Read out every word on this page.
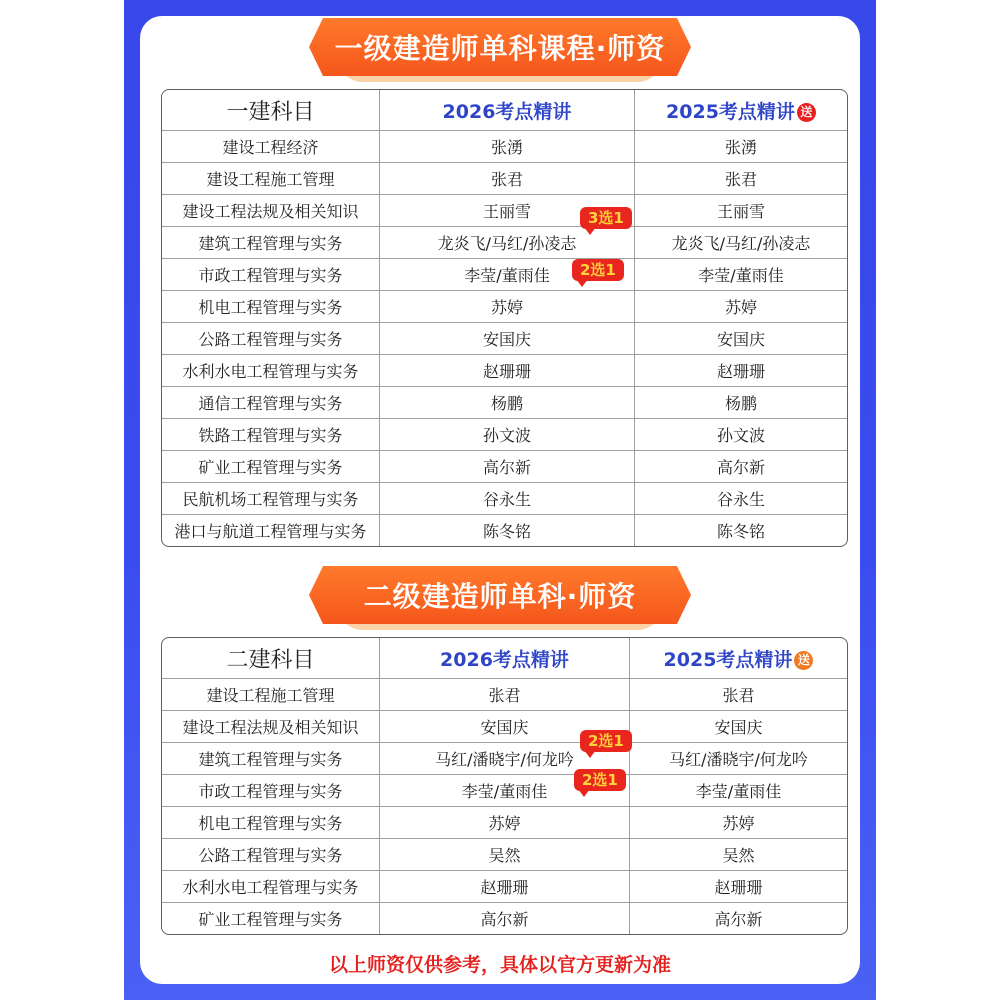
一级建造师单科课程·师资
一建科目	2026考点精讲	2025考点精讲 送
建设工程经济	张湧	张湧
建设工程施工管理	张君	张君
建设工程法规及相关知识	王丽雪	王丽雪
建筑工程管理与实务	龙炎飞/马红/孙凌志	龙炎飞/马红/孙凌志
市政工程管理与实务	李莹/董雨佳	李莹/董雨佳
机电工程管理与实务	苏婷	苏婷
公路工程管理与实务	安国庆	安国庆
水利水电工程管理与实务	赵珊珊	赵珊珊
通信工程管理与实务	杨鹏	杨鹏
铁路工程管理与实务	孙文波	孙文波
矿业工程管理与实务	高尔新	高尔新
民航机场工程管理与实务	谷永生	谷永生
港口与航道工程管理与实务	陈冬铭	陈冬铭
3选1
2选1
二级建造师单科·师资
二建科目	2026考点精讲	2025考点精讲 送
建设工程施工管理	张君	张君
建设工程法规及相关知识	安国庆	安国庆
建筑工程管理与实务	马红/潘晓宇/何龙吟	马红/潘晓宇/何龙吟
市政工程管理与实务	李莹/董雨佳	李莹/董雨佳
机电工程管理与实务	苏婷	苏婷
公路工程管理与实务	吴然	吴然
水利水电工程管理与实务	赵珊珊	赵珊珊
矿业工程管理与实务	高尔新	高尔新
2选1
2选1
以上师资仅供参考，具体以官方更新为准
